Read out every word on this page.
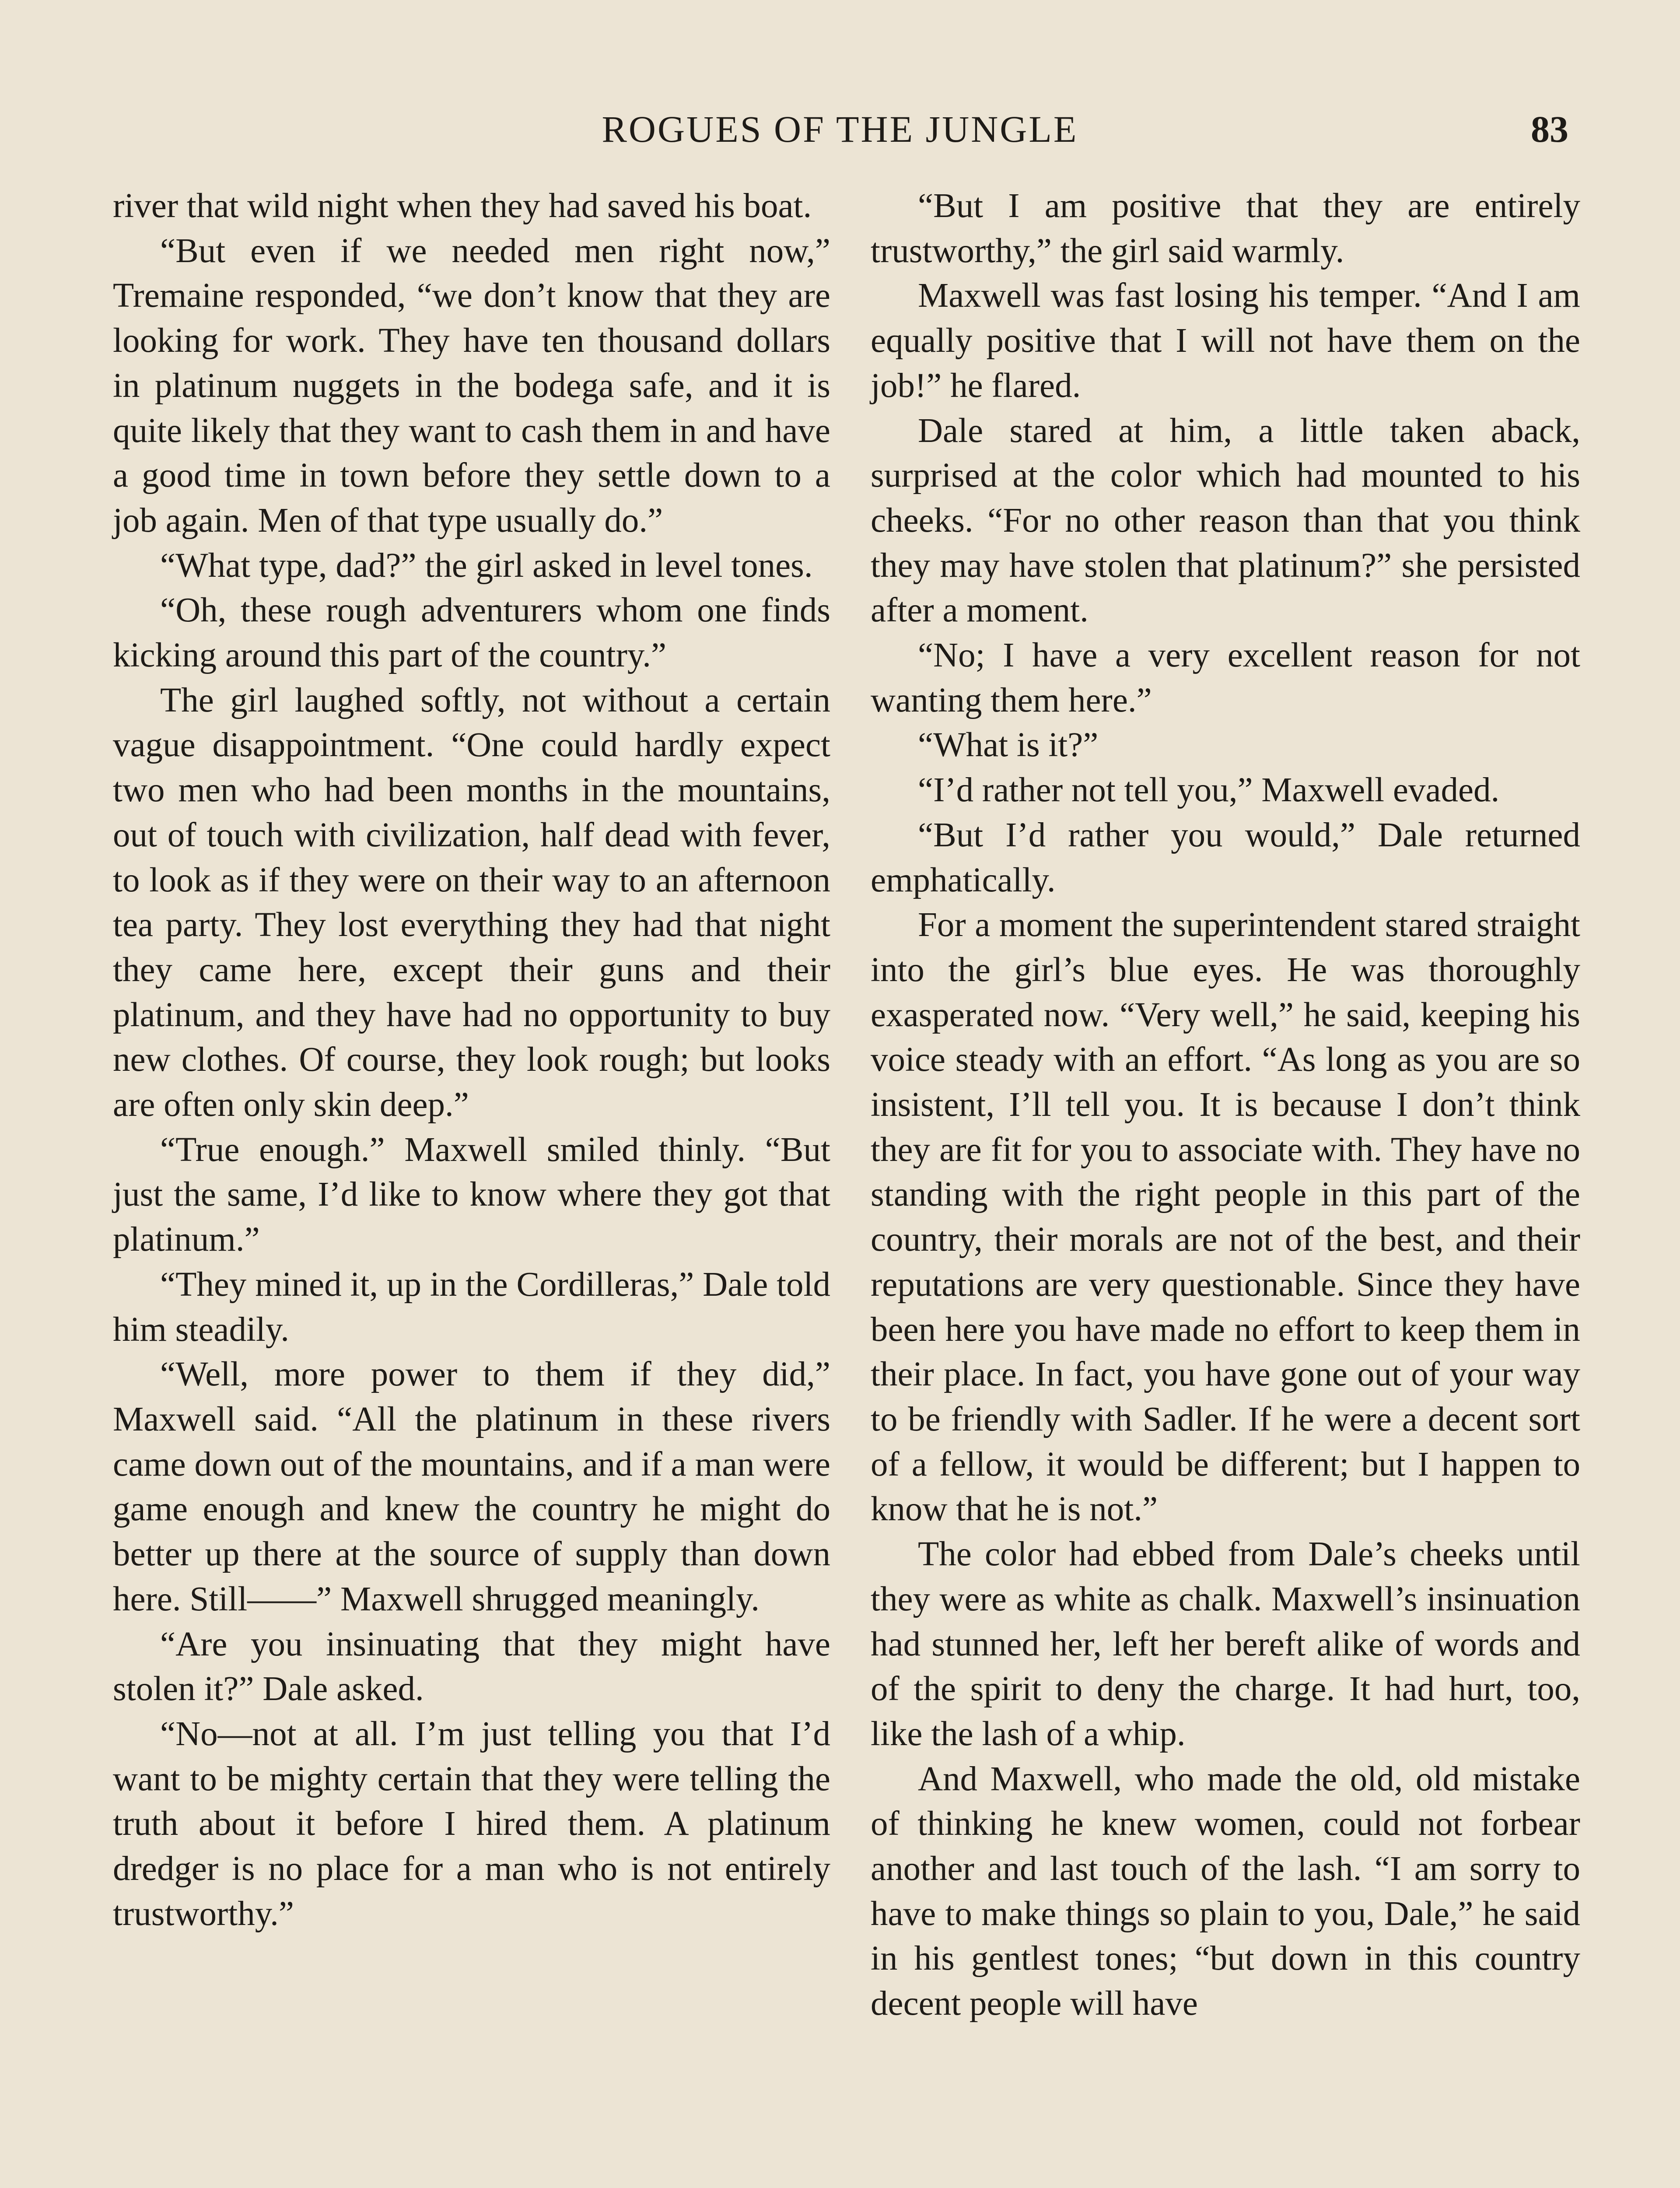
ROGUES OF THE JUNGLE	83

river that wild night when they had saved his boat.

“But even if we needed men right now,” Tremaine responded, “we don’t know that they are looking for work. They have ten thousand dollars in platinum nuggets in the bodega safe, and it is quite likely that they want to cash them in and have a good time in town before they settle down to a job again. Men of that type usually do.”

“What type, dad?” the girl asked in level tones.

“Oh, these rough adventurers whom one finds kicking around this part of the country.”

The girl laughed softly, not without a certain vague disappointment. “One could hardly expect two men who had been months in the mountains, out of touch with civilization, half dead with fever, to look as if they were on their way to an afternoon tea party. They lost everything they had that night they came here, except their guns and their platinum, and they have had no opportunity to buy new clothes. Of course, they look rough; but looks are often only skin deep.”

“True enough.” Maxwell smiled thinly. “But just the same, I’d like to know where they got that platinum.”

“They mined it, up in the Cordilleras,” Dale told him steadily.

“Well, more power to them if they did,” Maxwell said. “All the platinum in these rivers came down out of the mountains, and if a man were game enough and knew the country he might do better up there at the source of supply than down here. Still——” Maxwell shrugged meaningly.

“Are you insinuating that they might have stolen it?” Dale asked.

“No—not at all. I’m just telling you that I’d want to be mighty certain that they were telling the truth about it before I hired them. A platinum dredger is no place for a man who is not entirely trustworthy.”

“But I am positive that they are entirely trustworthy,” the girl said warmly.

Maxwell was fast losing his temper. “And I am equally positive that I will not have them on the job!” he flared.

Dale stared at him, a little taken aback, surprised at the color which had mounted to his cheeks. “For no other reason than that you think they may have stolen that platinum?” she persisted after a moment.

“No; I have a very excellent reason for not wanting them here.”

“What is it?”

“I’d rather not tell you,” Maxwell evaded.

“But I’d rather you would,” Dale returned emphatically.

For a moment the superintendent stared straight into the girl’s blue eyes. He was thoroughly exasperated now. “Very well,” he said, keeping his voice steady with an effort. “As long as you are so insistent, I’ll tell you. It is because I don’t think they are fit for you to associate with. They have no standing with the right people in this part of the country, their morals are not of the best, and their reputations are very questionable. Since they have been here you have made no effort to keep them in their place. In fact, you have gone out of your way to be friendly with Sadler. If he were a decent sort of a fellow, it would be different; but I happen to know that he is not.”

The color had ebbed from Dale’s cheeks until they were as white as chalk. Maxwell’s insinuation had stunned her, left her bereft alike of words and of the spirit to deny the charge. It had hurt, too, like the lash of a whip.

And Maxwell, who made the old, old mistake of thinking he knew women, could not forbear another and last touch of the lash. “I am sorry to have to make things so plain to you, Dale,” he said in his gentlest tones; “but down in this country decent people will have
